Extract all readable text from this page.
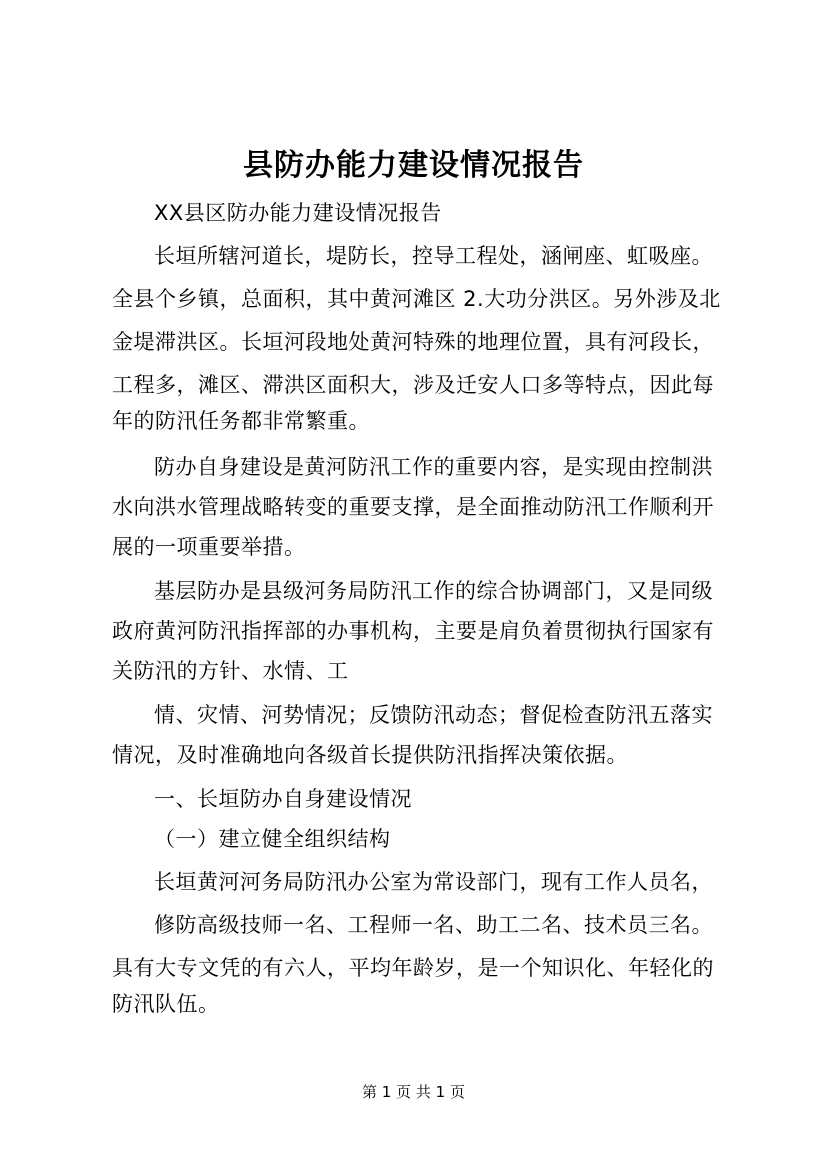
县防办能力建设情况报告
XX县区防办能力建设情况报告
长垣所辖河道长，堤防长，控导工程处，涵闸座、虹吸座。
全县个乡镇，总面积，其中黄河滩区 2.大功分洪区。另外涉及北
金堤滞洪区。长垣河段地处黄河特殊的地理位置，具有河段长，
工程多，滩区、滞洪区面积大，涉及迁安人口多等特点，因此每
年的防汛任务都非常繁重。
防办自身建设是黄河防汛工作的重要内容，是实现由控制洪
水向洪水管理战略转变的重要支撑，是全面推动防汛工作顺利开
展的一项重要举措。
基层防办是县级河务局防汛工作的综合协调部门，又是同级
政府黄河防汛指挥部的办事机构，主要是肩负着贯彻执行国家有
关防汛的方针、水情、工
情、灾情、河势情况；反馈防汛动态；督促检查防汛五落实
情况，及时准确地向各级首长提供防汛指挥决策依据。
一、长垣防办自身建设情况
（一）建立健全组织结构
长垣黄河河务局防汛办公室为常设部门，现有工作人员名，
修防高级技师一名、工程师一名、助工二名、技术员三名。
具有大专文凭的有六人，平均年龄岁，是一个知识化、年轻化的
防汛队伍。
第 1 页 共 1 页
